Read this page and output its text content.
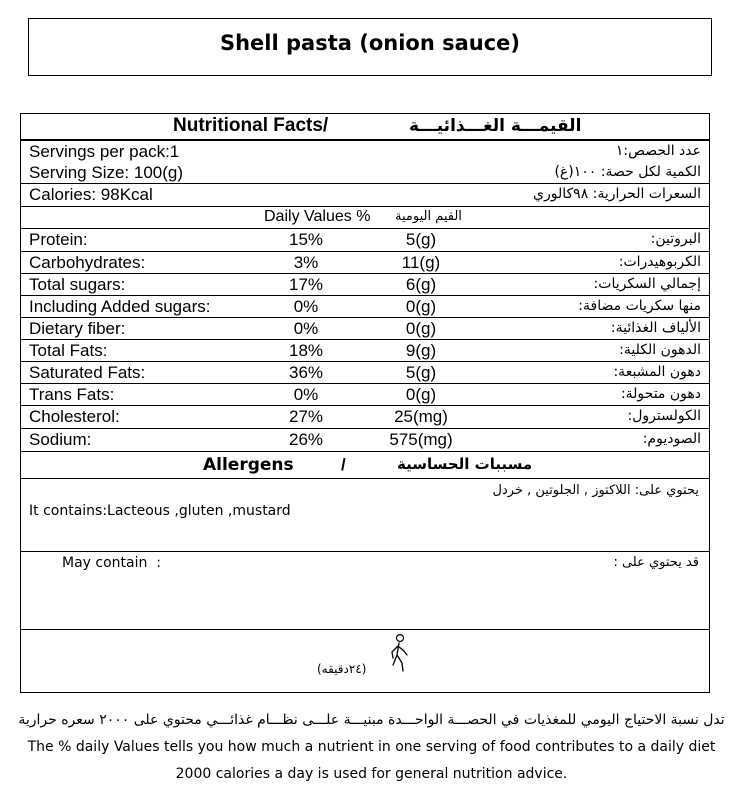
Shell pasta (onion sauce)
Nutritional Facts/	القيمـــة الغـــذائيـــة
Servings per pack:1	عدد الحصص:١
Serving Size: 100(g)	الكمية لكل حصة: ١٠٠(غ)
Calories: 98Kcal	السعرات الحرارية: ٩٨كالوري
Daily Values % القيم اليومية
Protein:	15%	5(g)	البروتين:
Carbohydrates:	3%	11(g)	الكربوهيدرات:
Total sugars:	17%	6(g)	إجمالي السكريات:
Including Added sugars:	0%	0(g)	منها سكريات مضافة:
Dietary fiber:	0%	0(g)	الألياف الغذائية:
Total Fats:	18%	9(g)	الدهون الكلية:
Saturated Fats:	36%	5(g)	دهون المشبعة:
Trans Fats:	0%	0(g)	دهون متحولة:
Cholesterol:	27%	25(mg)	الكولسترول:
Sodium:	26%	575(mg)	الصوديوم:
Allergens	/	مسببات الحساسية
يحتوي على: اللاكتوز , الجلوتين , خردل
It contains:Lacteous ,gluten ,mustard
May contain  :	قد يحتوي على :
(٢٤دقيقه)
تدل نسبة الاحتياج اليومي للمغذيات في الحصـــة الواحـــدة مبنيـــة علـــى نظـــام غذائـــي محتوي على ٢٠٠٠ سعره حرارية
The % daily Values tells you how much a nutrient in one serving of food contributes to a daily diet
2000 calories a day is used for general nutrition advice.
